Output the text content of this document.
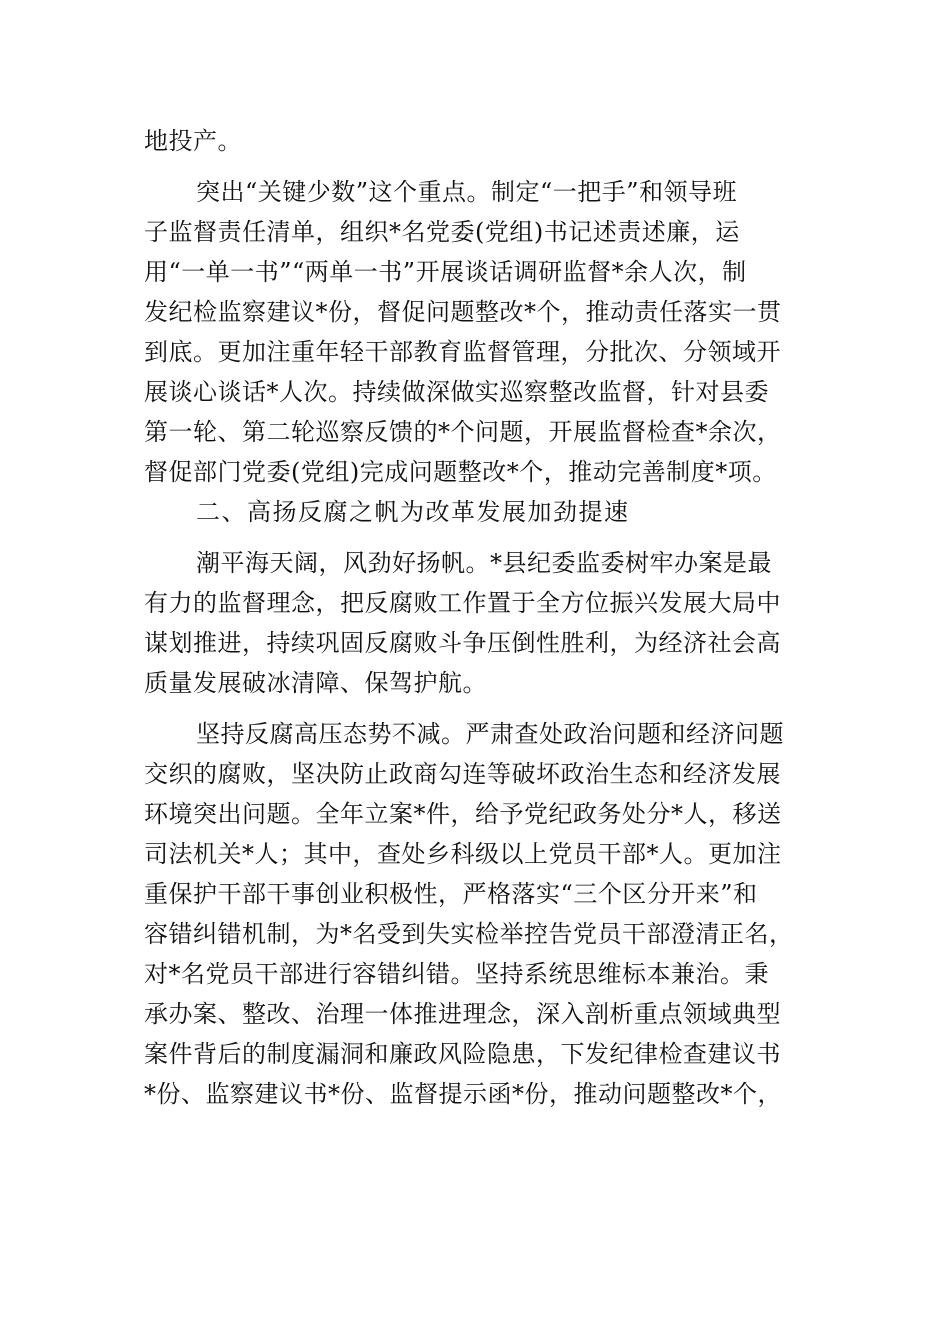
地投产。
突出“关键少数”这个重点。制定“一把手”和领导班
子监督责任清单，组织*名党委(党组)书记述责述廉，运
用“一单一书”“两单一书”开展谈话调研监督*余人次，制
发纪检监察建议*份，督促问题整改*个，推动责任落实一贯
到底。更加注重年轻干部教育监督管理，分批次、分领域开
展谈心谈话*人次。持续做深做实巡察整改监督，针对县委
第一轮、第二轮巡察反馈的*个问题，开展监督检查*余次，
督促部门党委(党组)完成问题整改*个，推动完善制度*项。
二、高扬反腐之帆为改革发展加劲提速
潮平海天阔，风劲好扬帆。*县纪委监委树牢办案是最
有力的监督理念，把反腐败工作置于全方位振兴发展大局中
谋划推进，持续巩固反腐败斗争压倒性胜利，为经济社会高
质量发展破冰清障、保驾护航。
坚持反腐高压态势不减。严肃查处政治问题和经济问题
交织的腐败，坚决防止政商勾连等破坏政治生态和经济发展
环境突出问题。全年立案*件，给予党纪政务处分*人，移送
司法机关*人；其中，查处乡科级以上党员干部*人。更加注
重保护干部干事创业积极性，严格落实“三个区分开来”和
容错纠错机制，为*名受到失实检举控告党员干部澄清正名，
对*名党员干部进行容错纠错。坚持系统思维标本兼治。秉
承办案、整改、治理一体推进理念，深入剖析重点领域典型
案件背后的制度漏洞和廉政风险隐患，下发纪律检查建议书
*份、监察建议书*份、监督提示函*份，推动问题整改*个，
